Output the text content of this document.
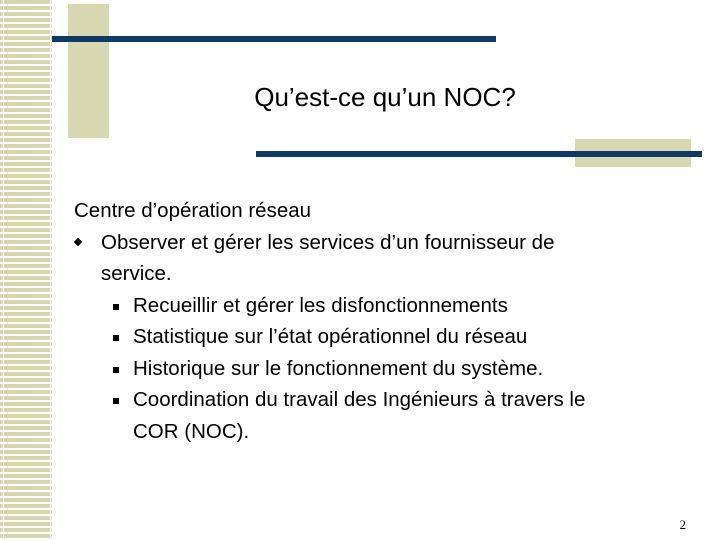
Qu’est-ce qu’un NOC?
Centre d’opération réseau
Observer et gérer les services d’un fournisseur de
service.
Recueillir et gérer les disfonctionnements
Statistique sur l’état opérationnel du réseau
Historique sur le fonctionnement du système.
Coordination du travail des Ingénieurs à travers le
COR (NOC).
2
